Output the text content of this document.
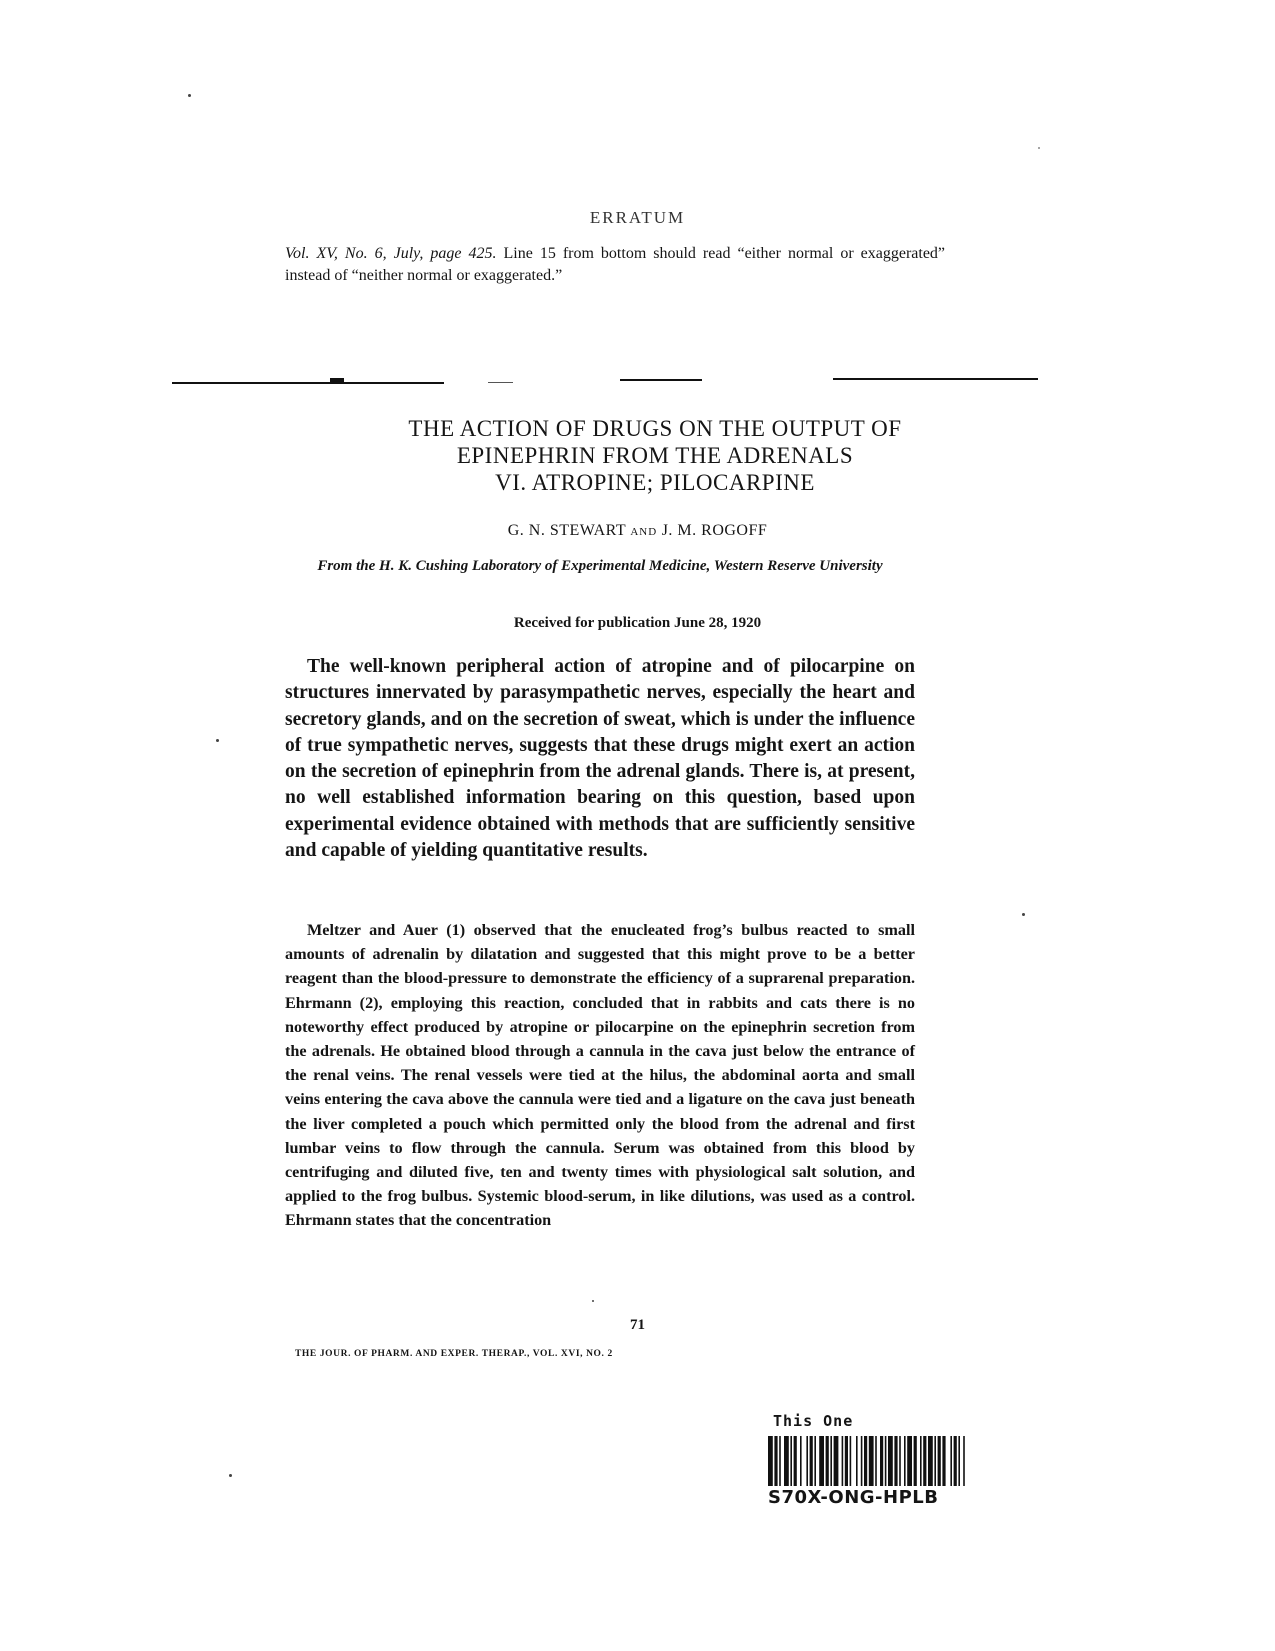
ERRATUM
Vol. XV, No. 6, July, page 425. Line 15 from bottom should read “either normal or exaggerated” instead of “neither normal or exaggerated.”
THE ACTION OF DRUGS ON THE OUTPUT OF
EPINEPHRIN FROM THE ADRENALS
VI. ATROPINE; PILOCARPINE
G. N. STEWART AND J. M. ROGOFF
From the H. K. Cushing Laboratory of Experimental Medicine, Western Reserve University
Received for publication June 28, 1920
The well-known peripheral action of atropine and of pilocarpine on structures innervated by parasympathetic nerves, especially the heart and secretory glands, and on the secretion of sweat, which is under the influence of true sympathetic nerves, suggests that these drugs might exert an action on the secretion of epinephrin from the adrenal glands. There is, at present, no well established information bearing on this question, based upon experimental evidence obtained with methods that are sufficiently sensitive and capable of yielding quantitative results.
Meltzer and Auer (1) observed that the enucleated frog’s bulbus reacted to small amounts of adrenalin by dilatation and suggested that this might prove to be a better reagent than the blood-pressure to demonstrate the efficiency of a suprarenal preparation. Ehrmann (2), employing this reaction, concluded that in rabbits and cats there is no noteworthy effect produced by atropine or pilocarpine on the epinephrin secretion from the adrenals. He obtained blood through a cannula in the cava just below the entrance of the renal veins. The renal vessels were tied at the hilus, the abdominal aorta and small veins entering the cava above the cannula were tied and a ligature on the cava just beneath the liver completed a pouch which permitted only the blood from the adrenal and first lumbar veins to flow through the cannula. Serum was obtained from this blood by centrifuging and diluted five, ten and twenty times with physiological salt solution, and applied to the frog bulbus. Systemic blood-serum, in like dilutions, was used as a control. Ehrmann states that the concentration
71
THE JOUR. OF PHARM. AND EXPER. THERAP., VOL. XVI, NO. 2
This One
S70X-ONG-HPLB
